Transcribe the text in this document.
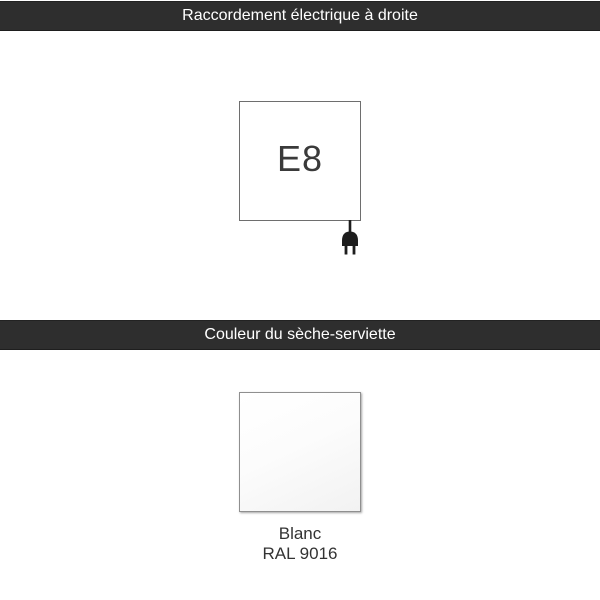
Raccordement électrique à droite
E8
Couleur du sèche-serviette
Blanc
RAL 9016
